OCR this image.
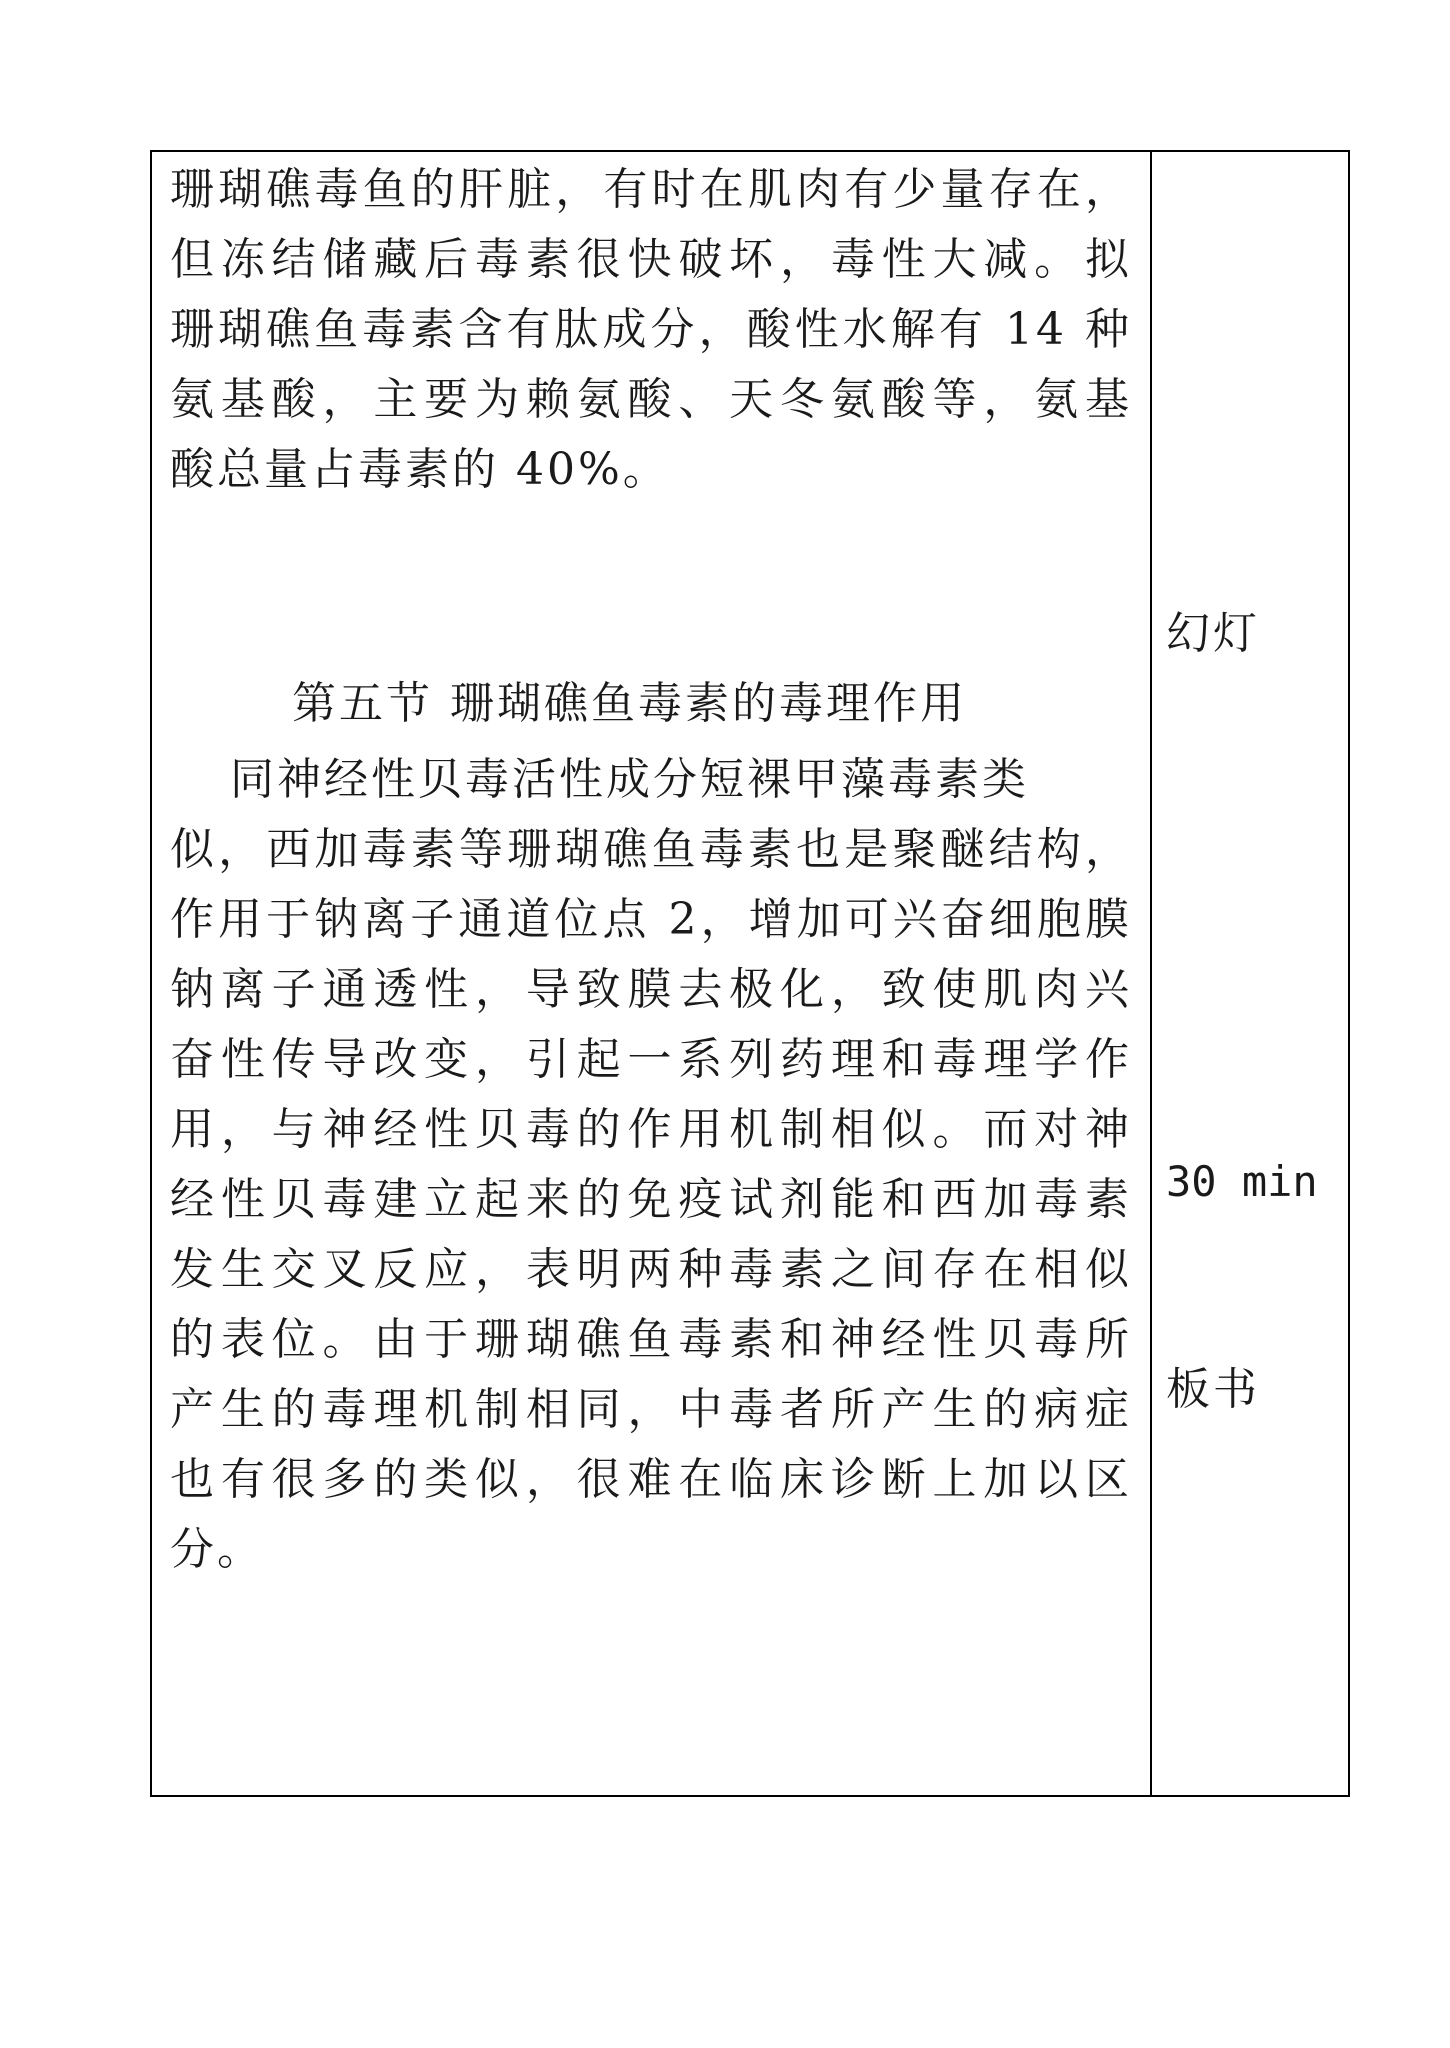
珊瑚礁毒鱼的肝脏，有时在肌肉有少量存在，
但冻结储藏后毒素很快破坏，毒性大减。拟
珊瑚礁鱼毒素含有肽成分，酸性水解有 14 种
氨基酸，主要为赖氨酸、天冬氨酸等，氨基
酸总量占毒素的 40%。
第五节 珊瑚礁鱼毒素的毒理作用
同神经性贝毒活性成分短裸甲藻毒素类
似，西加毒素等珊瑚礁鱼毒素也是聚醚结构，
作用于钠离子通道位点 2，增加可兴奋细胞膜
钠离子通透性，导致膜去极化，致使肌肉兴
奋性传导改变，引起一系列药理和毒理学作
用，与神经性贝毒的作用机制相似。而对神
经性贝毒建立起来的免疫试剂能和西加毒素
发生交叉反应，表明两种毒素之间存在相似
的表位。由于珊瑚礁鱼毒素和神经性贝毒所
产生的毒理机制相同，中毒者所产生的病症
也有很多的类似，很难在临床诊断上加以区
分。
幻灯
30 min
板书
